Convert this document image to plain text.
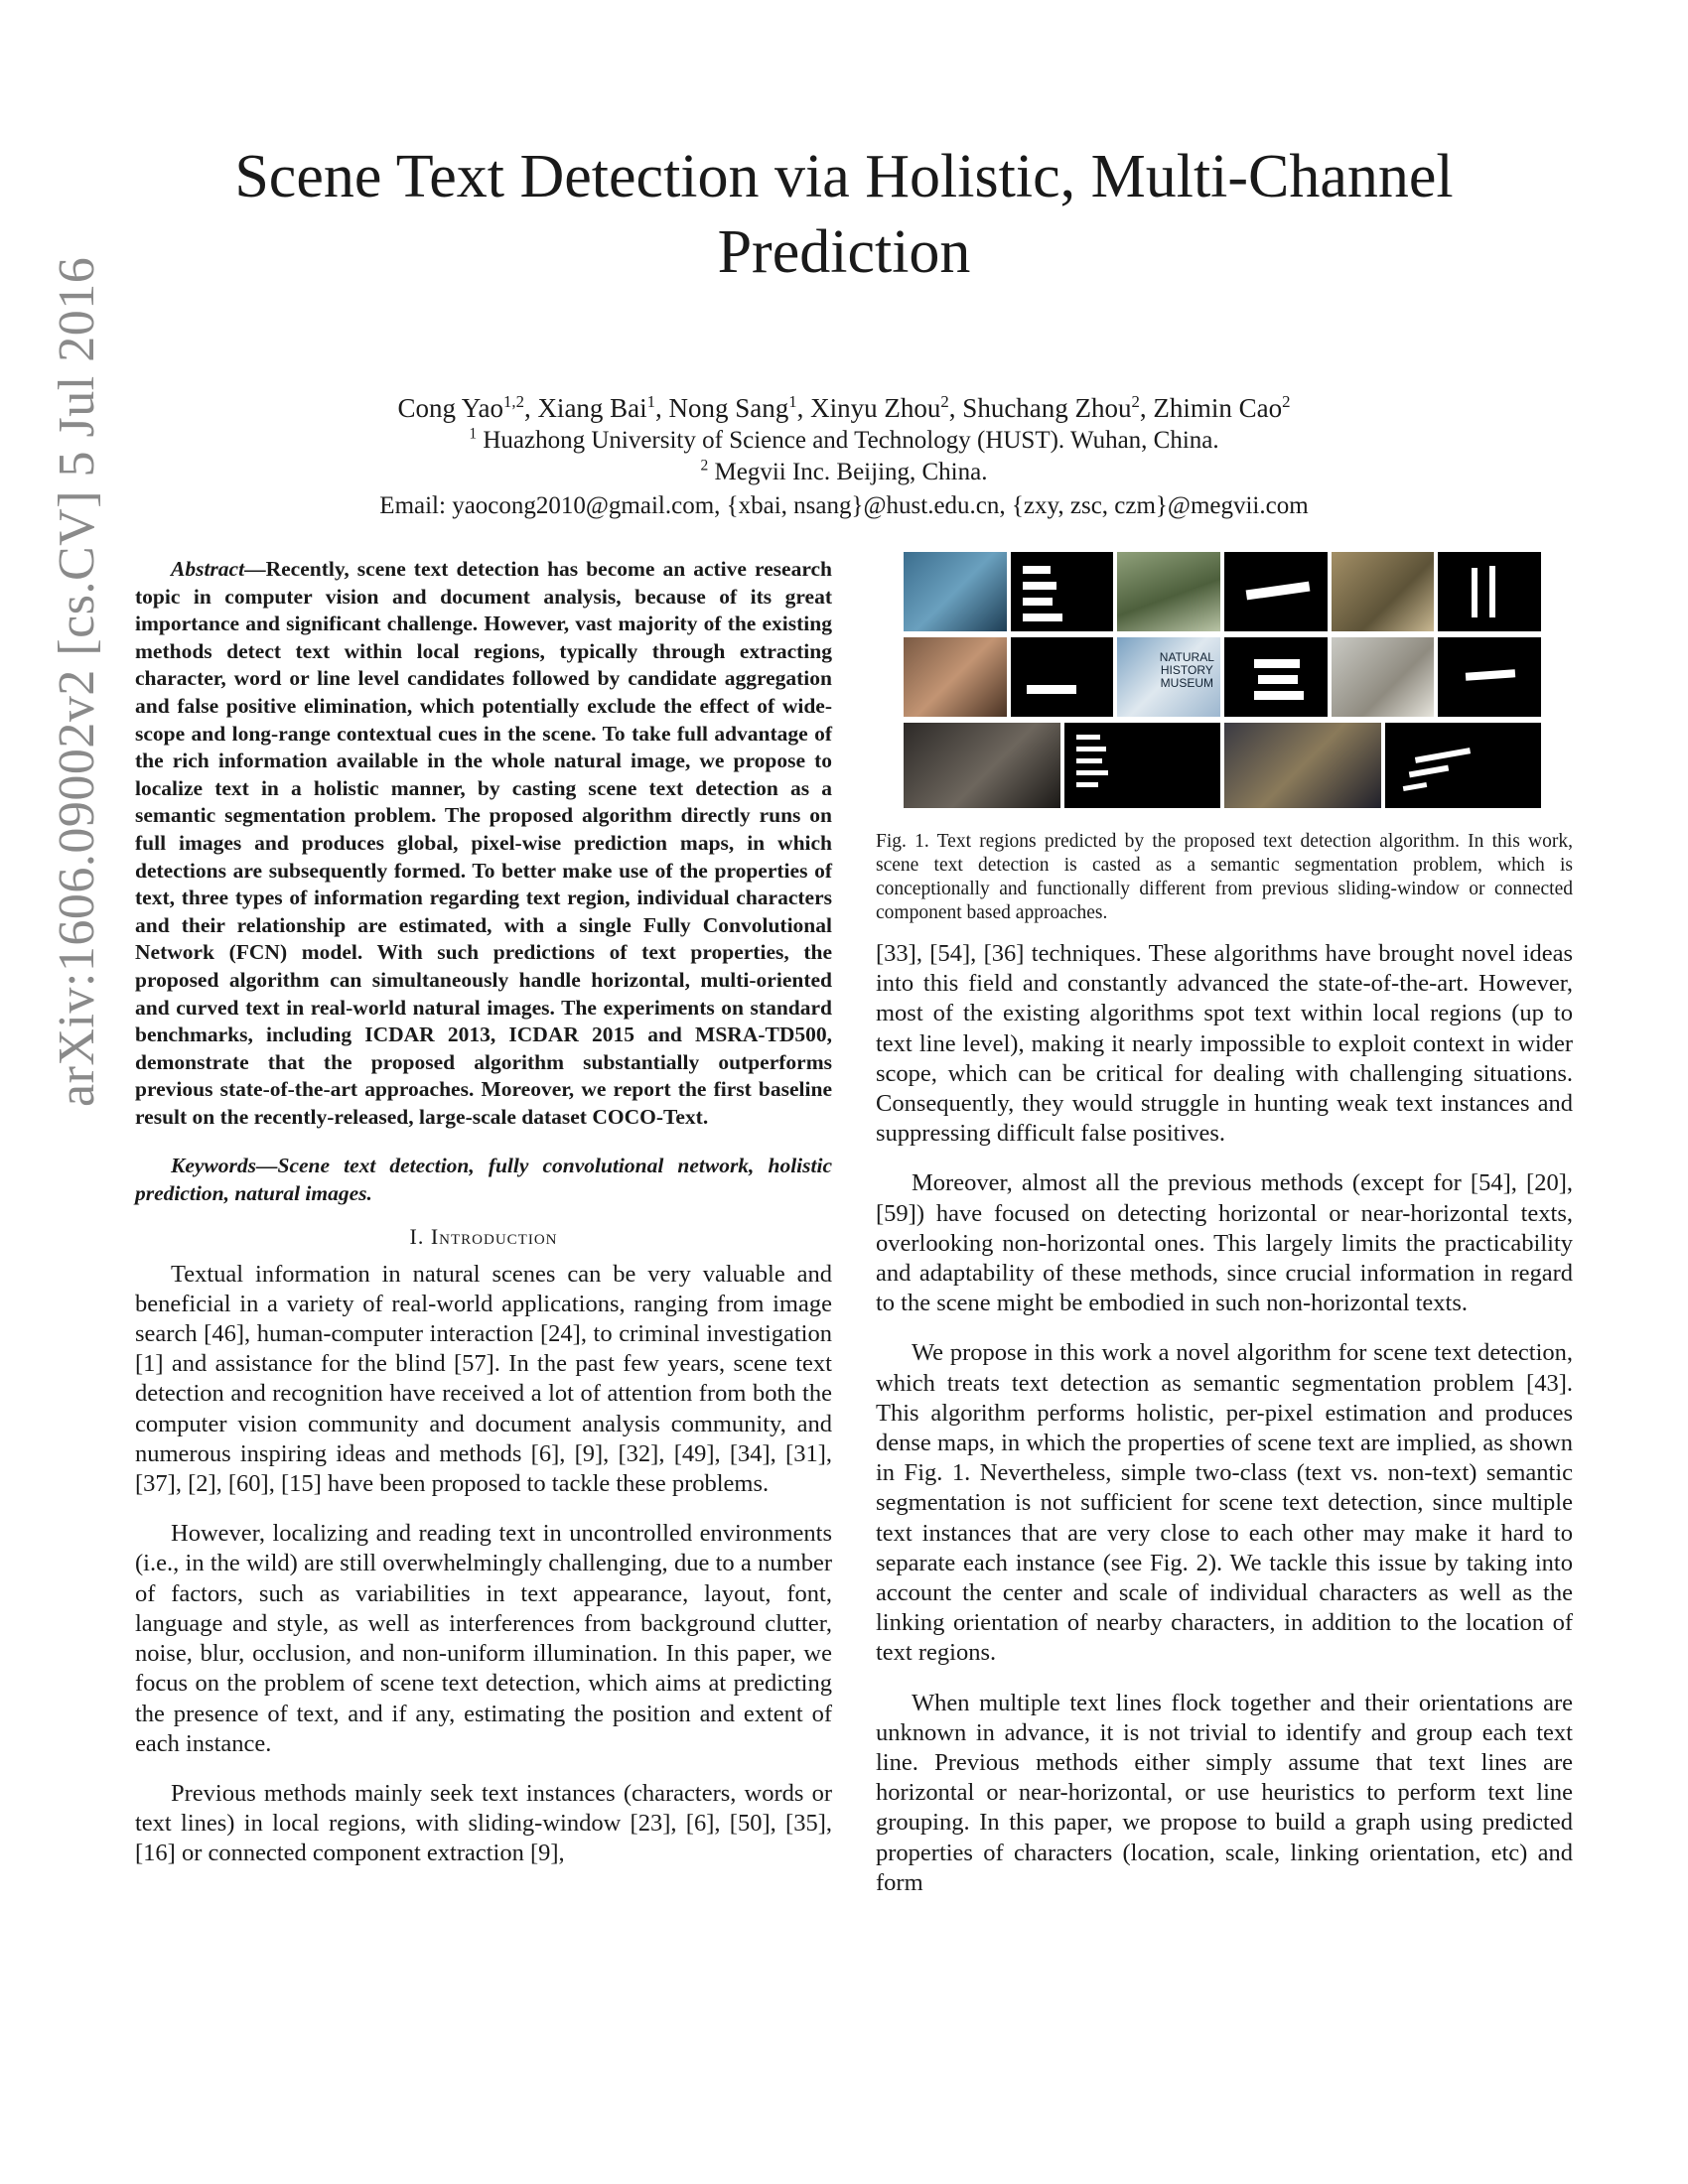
arXiv:1606.09002v2 [cs.CV] 5 Jul 2016
Scene Text Detection via Holistic, Multi-Channel Prediction
Cong Yao$^{1,2}$, Xiang Bai$^1$, Nong Sang$^1$, Xinyu Zhou$^2$, Shuchang Zhou$^2$, Zhimin Cao$^2$
$^1$ Huazhong University of Science and Technology (HUST). Wuhan, China.
$^2$ Megvii Inc. Beijing, China.
Email: yaocong2010@gmail.com, {xbai, nsang}@hust.edu.cn, {zxy, zsc, czm}@megvii.com

Abstract—Recently, scene text detection has become an active research topic in computer vision and document analysis, because of its great importance and significant challenge. However, vast majority of the existing methods detect text within local regions, typically through extracting character, word or line level candidates followed by candidate aggregation and false positive elimination, which potentially exclude the effect of wide-scope and long-range contextual cues in the scene. To take full advantage of the rich information available in the whole natural image, we propose to localize text in a holistic manner, by casting scene text detection as a semantic segmentation problem. The proposed algorithm directly runs on full images and produces global, pixel-wise prediction maps, in which detections are subsequently formed. To better make use of the properties of text, three types of information regarding text region, individual characters and their relationship are estimated, with a single Fully Convolutional Network (FCN) model. With such predictions of text properties, the proposed algorithm can simultaneously handle horizontal, multi-oriented and curved text in real-world natural images. The experiments on standard benchmarks, including ICDAR 2013, ICDAR 2015 and MSRA-TD500, demonstrate that the proposed algorithm substantially outperforms previous state-of-the-art approaches. Moreover, we report the first baseline result on the recently-released, large-scale dataset COCO-Text.

Keywords—Scene text detection, fully convolutional network, holistic prediction, natural images.

I. Introduction

Textual information in natural scenes can be very valuable and beneficial in a variety of real-world applications, ranging from image search [46], human-computer interaction [24], to criminal investigation [1] and assistance for the blind [57]. In the past few years, scene text detection and recognition have received a lot of attention from both the computer vision community and document analysis community, and numerous inspiring ideas and methods [6], [9], [32], [49], [34], [31], [37], [2], [60], [15] have been proposed to tackle these problems.

However, localizing and reading text in uncontrolled environments (i.e., in the wild) are still overwhelmingly challenging, due to a number of factors, such as variabilities in text appearance, layout, font, language and style, as well as interferences from background clutter, noise, blur, occlusion, and non-uniform illumination. In this paper, we focus on the problem of scene text detection, which aims at predicting the presence of text, and if any, estimating the position and extent of each instance.

Previous methods mainly seek text instances (characters, words or text lines) in local regions, with sliding-window [23], [6], [50], [35], [16] or connected component extraction [9],

NATURAL HISTORY MUSEUM
Fig. 1. Text regions predicted by the proposed text detection algorithm. In this work, scene text detection is casted as a semantic segmentation problem, which is conceptionally and functionally different from previous sliding-window or connected component based approaches.

[33], [54], [36] techniques. These algorithms have brought novel ideas into this field and constantly advanced the state-of-the-art. However, most of the existing algorithms spot text within local regions (up to text line level), making it nearly impossible to exploit context in wider scope, which can be critical for dealing with challenging situations. Consequently, they would struggle in hunting weak text instances and suppressing difficult false positives.

Moreover, almost all the previous methods (except for [54], [20], [59]) have focused on detecting horizontal or near-horizontal texts, overlooking non-horizontal ones. This largely limits the practicability and adaptability of these methods, since crucial information in regard to the scene might be embodied in such non-horizontal texts.

We propose in this work a novel algorithm for scene text detection, which treats text detection as semantic segmentation problem [43]. This algorithm performs holistic, per-pixel estimation and produces dense maps, in which the properties of scene text are implied, as shown in Fig. 1. Nevertheless, simple two-class (text vs. non-text) semantic segmentation is not sufficient for scene text detection, since multiple text instances that are very close to each other may make it hard to separate each instance (see Fig. 2). We tackle this issue by taking into account the center and scale of individual characters as well as the linking orientation of nearby characters, in addition to the location of text regions.

When multiple text lines flock together and their orientations are unknown in advance, it is not trivial to identify and group each text line. Previous methods either simply assume that text lines are horizontal or near-horizontal, or use heuristics to perform text line grouping. In this paper, we propose to build a graph using predicted properties of characters (location, scale, linking orientation, etc) and form
